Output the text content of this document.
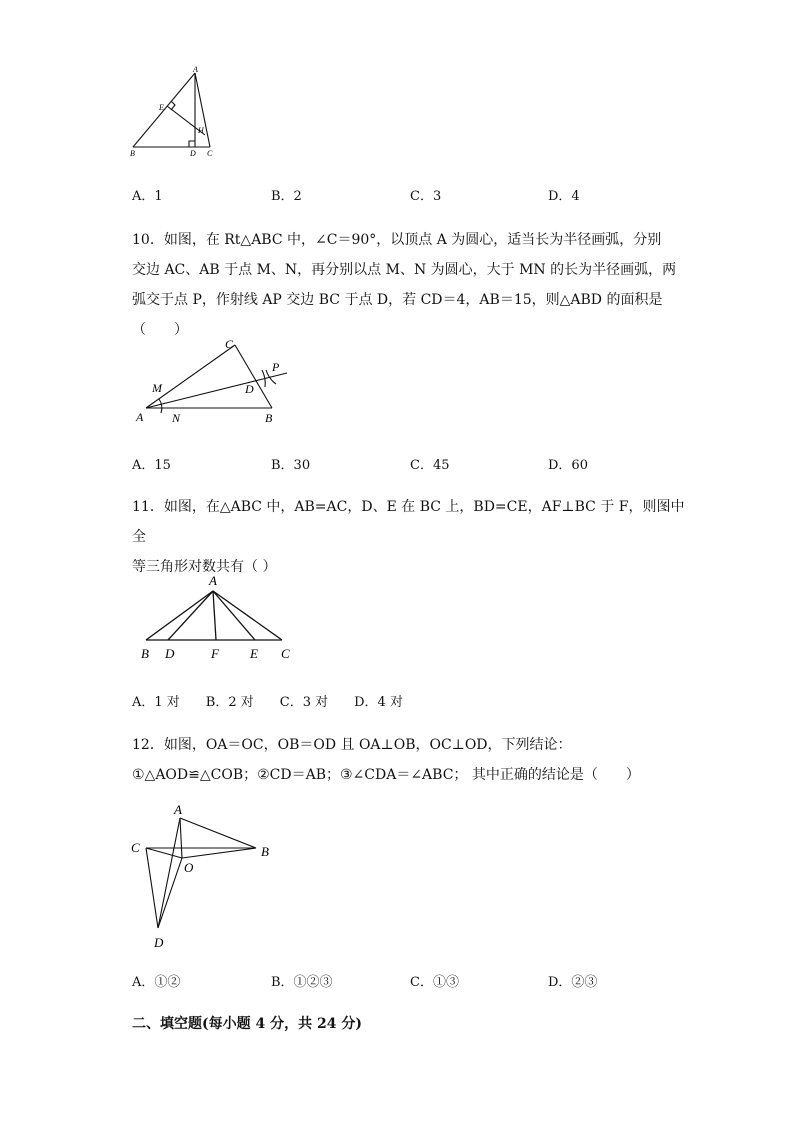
A
E
H
B	D C
A．1	B．2	C．3	D．4
10．如图，在 Rt△ABC 中，∠C＝90°，以顶点 A 为圆心，适当长为半径画弧，分别
交边 AC、AB 于点 M、N，再分别以点 M、N 为圆心，大于 MN 的长为半径画弧，两
弧交于点 P，作射线 AP 交边 BC 于点 D，若 CD＝4，AB＝15，则△ABD 的面积是（　　）
C
P
M	D
A N	B
A．15	B．30	C．45	D．60
11．如图，在△ABC 中，AB=AC，D、E 在 BC 上，BD=CE，AF⊥BC 于 F，则图中全
等三角形对数共有（ ）
A
B D	F E C
A．1 对 B．2 对 C．3 对 D．4 对
12．如图，OA＝OC，OB＝OD 且 OA⊥OB，OC⊥OD，下列结论：
①△AOD≌△COB；②CD＝AB；③∠CDA＝∠ABC； 其中正确的结论是（　　）
A
C	B
O
D
A．①②	B．①②③	C．①③	D．②③
二、填空题(每小题 4 分，共 24 分)
